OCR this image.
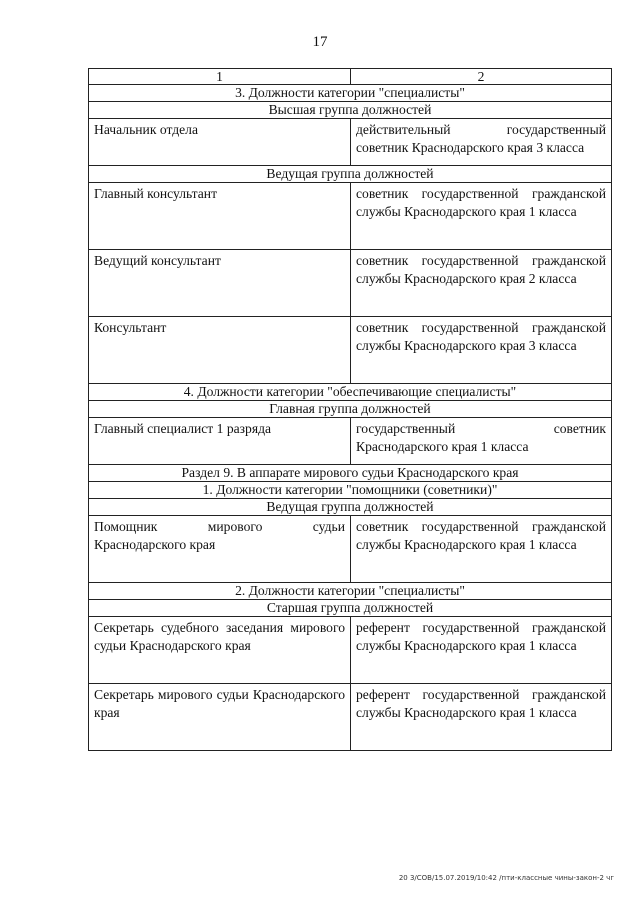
17
1	2
3. Должности категории "специалисты"	
Высшая группа должностей	
Начальник отдела	действительный государственный советник Краснодарского края 3 класса
Ведущая группа должностей	
Главный консультант	советник государственной гражданской службы Краснодарского края 1 класса
Ведущий консультант	советник государственной гражданской службы Краснодарского края 2 класса
Консультант	советник государственной гражданской службы Краснодарского края 3 класса
4. Должности категории "обеспечивающие специалисты"	
Главная группа должностей	
Главный специалист 1 разряда	государственный советник Краснодарского края 1 класса
Раздел 9. В аппарате мирового судьи Краснодарского края	
1. Должности категории "помощники (советники)"	
Ведущая группа должностей	
Помощник мирового судьи Краснодарского края	советник государственной гражданской службы Краснодарского края 1 класса
2. Должности категории "специалисты"	
Старшая группа должностей	
Секретарь судебного заседания мирового судьи Краснодарского края	референт государственной гражданской службы Краснодарского края 1 класса
Секретарь мирового судьи Краснодарского края	референт государственной гражданской службы Краснодарского края 1 класса
20 3/СОВ/15.07.2019/10:42 /пти-классные чины-закон-2 чг
